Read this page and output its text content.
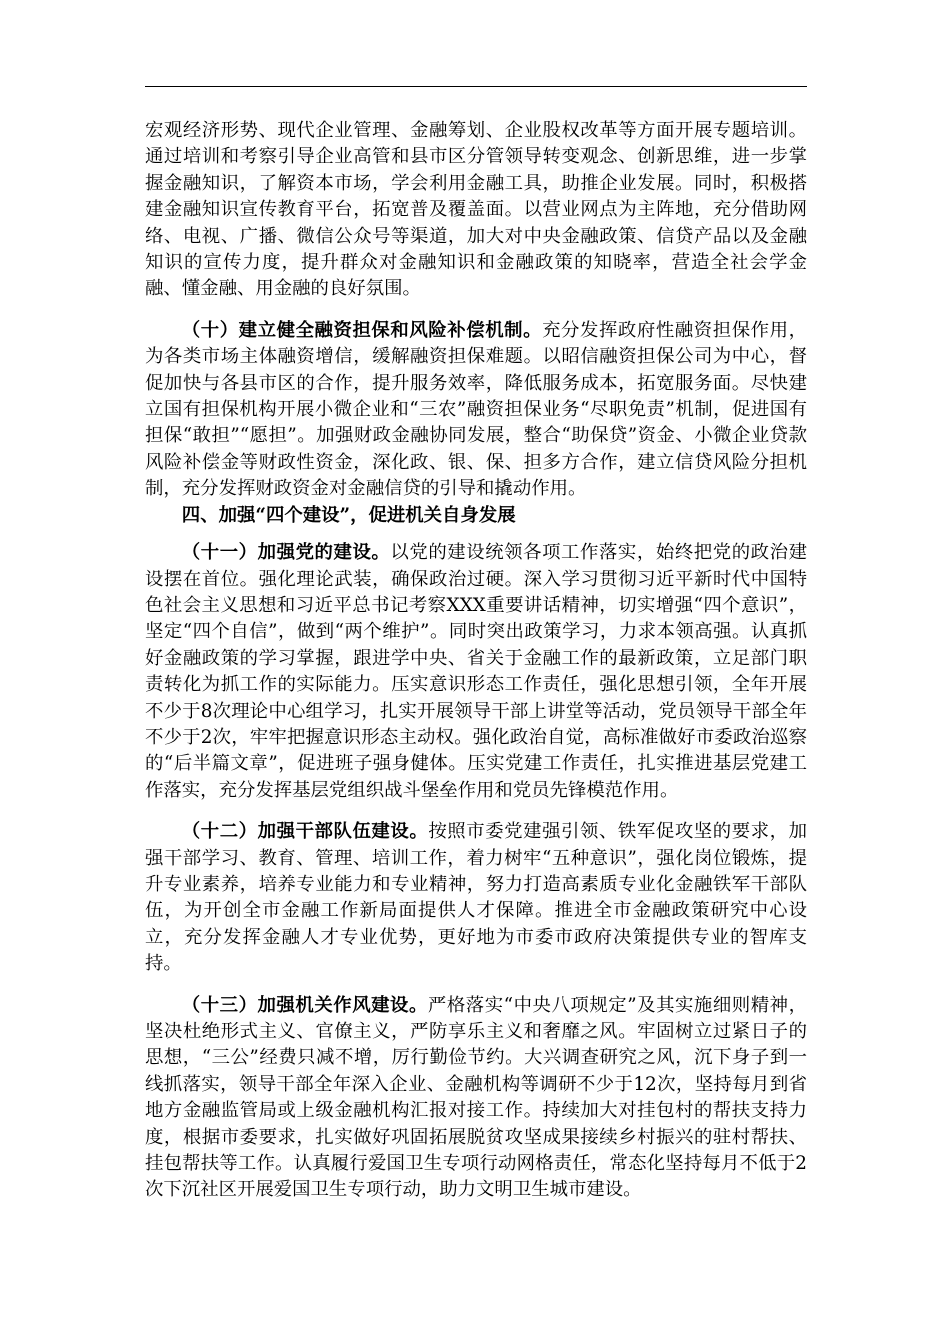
宏观经济形势、现代企业管理、金融筹划、企业股权改革等方面开展专题培训。通过培训和考察引导企业高管和县市区分管领导转变观念、创新思维，进一步掌握金融知识，了解资本市场，学会利用金融工具，助推企业发展。同时，积极搭建金融知识宣传教育平台，拓宽普及覆盖面。以营业网点为主阵地，充分借助网络、电视、广播、微信公众号等渠道，加大对中央金融政策、信贷产品以及金融知识的宣传力度，提升群众对金融知识和金融政策的知晓率，营造全社会学金融、懂金融、用金融的良好氛围。

（十）建立健全融资担保和风险补偿机制。充分发挥政府性融资担保作用，为各类市场主体融资增信，缓解融资担保难题。以昭信融资担保公司为中心，督促加快与各县市区的合作，提升服务效率，降低服务成本，拓宽服务面。尽快建立国有担保机构开展小微企业和“三农”融资担保业务“尽职免责”机制，促进国有担保“敢担”“愿担”。加强财政金融协同发展，整合“助保贷”资金、小微企业贷款风险补偿金等财政性资金，深化政、银、保、担多方合作，建立信贷风险分担机制，充分发挥财政资金对金融信贷的引导和撬动作用。

四、加强“四个建设”，促进机关自身发展

（十一）加强党的建设。以党的建设统领各项工作落实，始终把党的政治建设摆在首位。强化理论武装，确保政治过硬。深入学习贯彻习近平新时代中国特色社会主义思想和习近平总书记考察XXX重要讲话精神，切实增强“四个意识”，坚定“四个自信”，做到“两个维护”。同时突出政策学习，力求本领高强。认真抓好金融政策的学习掌握，跟进学中央、省关于金融工作的最新政策，立足部门职责转化为抓工作的实际能力。压实意识形态工作责任，强化思想引领，全年开展不少于8次理论中心组学习，扎实开展领导干部上讲堂等活动，党员领导干部全年不少于2次，牢牢把握意识形态主动权。强化政治自觉，高标准做好市委政治巡察的“后半篇文章”，促进班子强身健体。压实党建工作责任，扎实推进基层党建工作落实，充分发挥基层党组织战斗堡垒作用和党员先锋模范作用。

（十二）加强干部队伍建设。按照市委党建强引领、铁军促攻坚的要求，加强干部学习、教育、管理、培训工作，着力树牢“五种意识”，强化岗位锻炼，提升专业素养，培养专业能力和专业精神，努力打造高素质专业化金融铁军干部队伍，为开创全市金融工作新局面提供人才保障。推进全市金融政策研究中心设立，充分发挥金融人才专业优势，更好地为市委市政府决策提供专业的智库支持。

（十三）加强机关作风建设。严格落实“中央八项规定”及其实施细则精神，坚决杜绝形式主义、官僚主义，严防享乐主义和奢靡之风。牢固树立过紧日子的思想，“三公”经费只减不增，厉行勤俭节约。大兴调查研究之风，沉下身子到一线抓落实，领导干部全年深入企业、金融机构等调研不少于12次，坚持每月到省地方金融监管局或上级金融机构汇报对接工作。持续加大对挂包村的帮扶支持力度，根据市委要求，扎实做好巩固拓展脱贫攻坚成果接续乡村振兴的驻村帮扶、挂包帮扶等工作。认真履行爱国卫生专项行动网格责任，常态化坚持每月不低于2次下沉社区开展爱国卫生专项行动，助力文明卫生城市建设。
